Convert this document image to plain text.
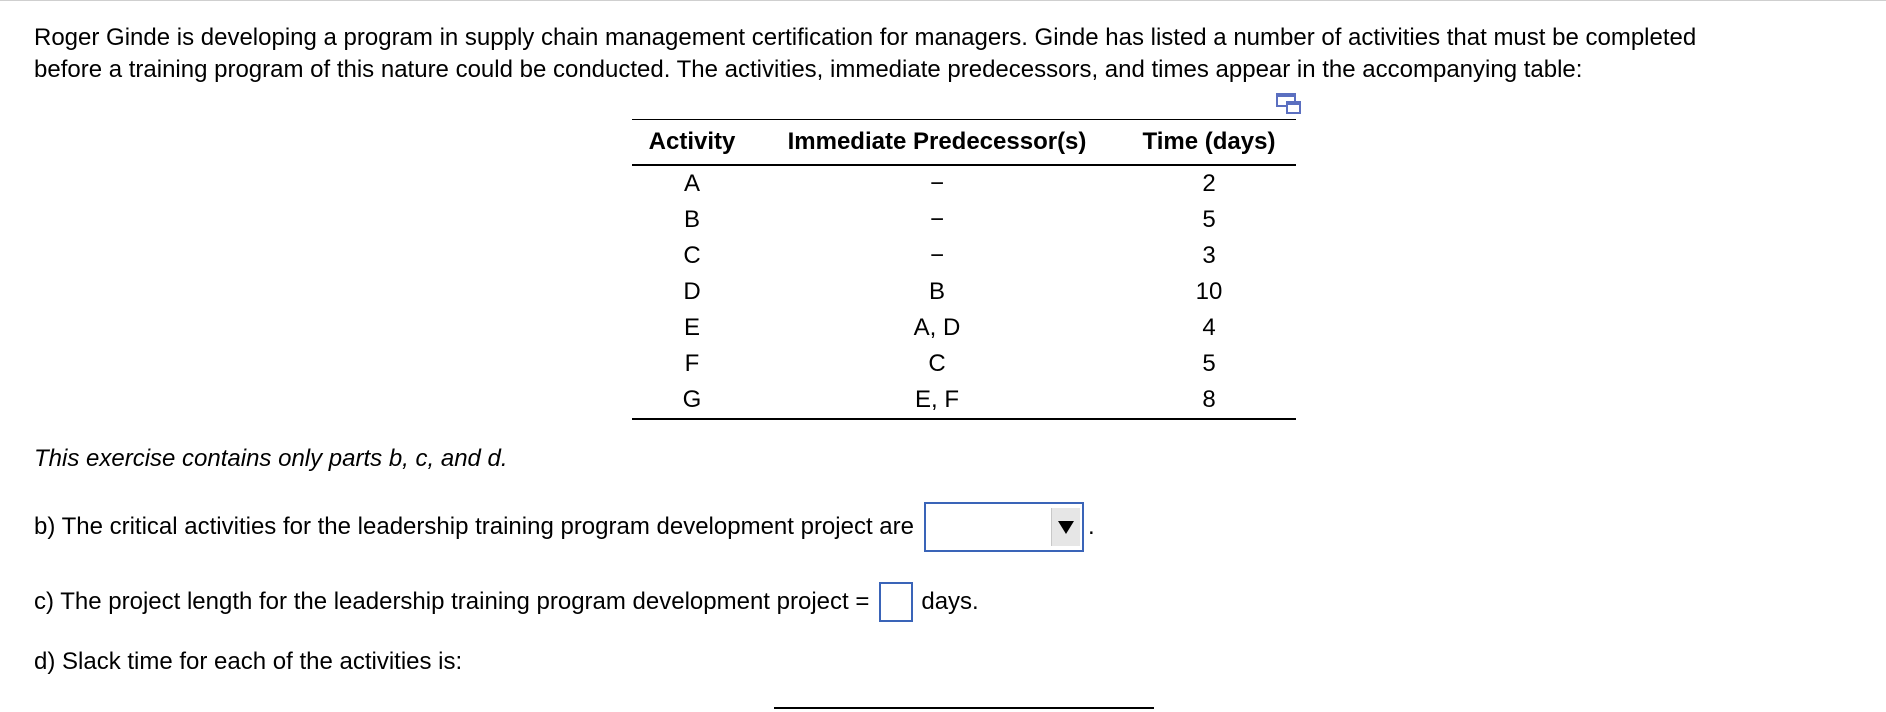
Roger Ginde is developing a program in supply chain management certification for managers. Ginde has listed a number of activities that must be completed
before a training program of this nature could be conducted. The activities, immediate predecessors, and times appear in the accompanying table:
Activity	Immediate Predecessor(s)	Time (days)
A	−	2
B	−	5
C	−	3
D	B	10
E	A, D	4
F	C	5
G	E, F	8
This exercise contains only parts b, c, and d.
b) The critical activities for the leadership training program development project are	.
c) The project length for the leadership training program development project = days.
d) Slack time for each of the activities is:
